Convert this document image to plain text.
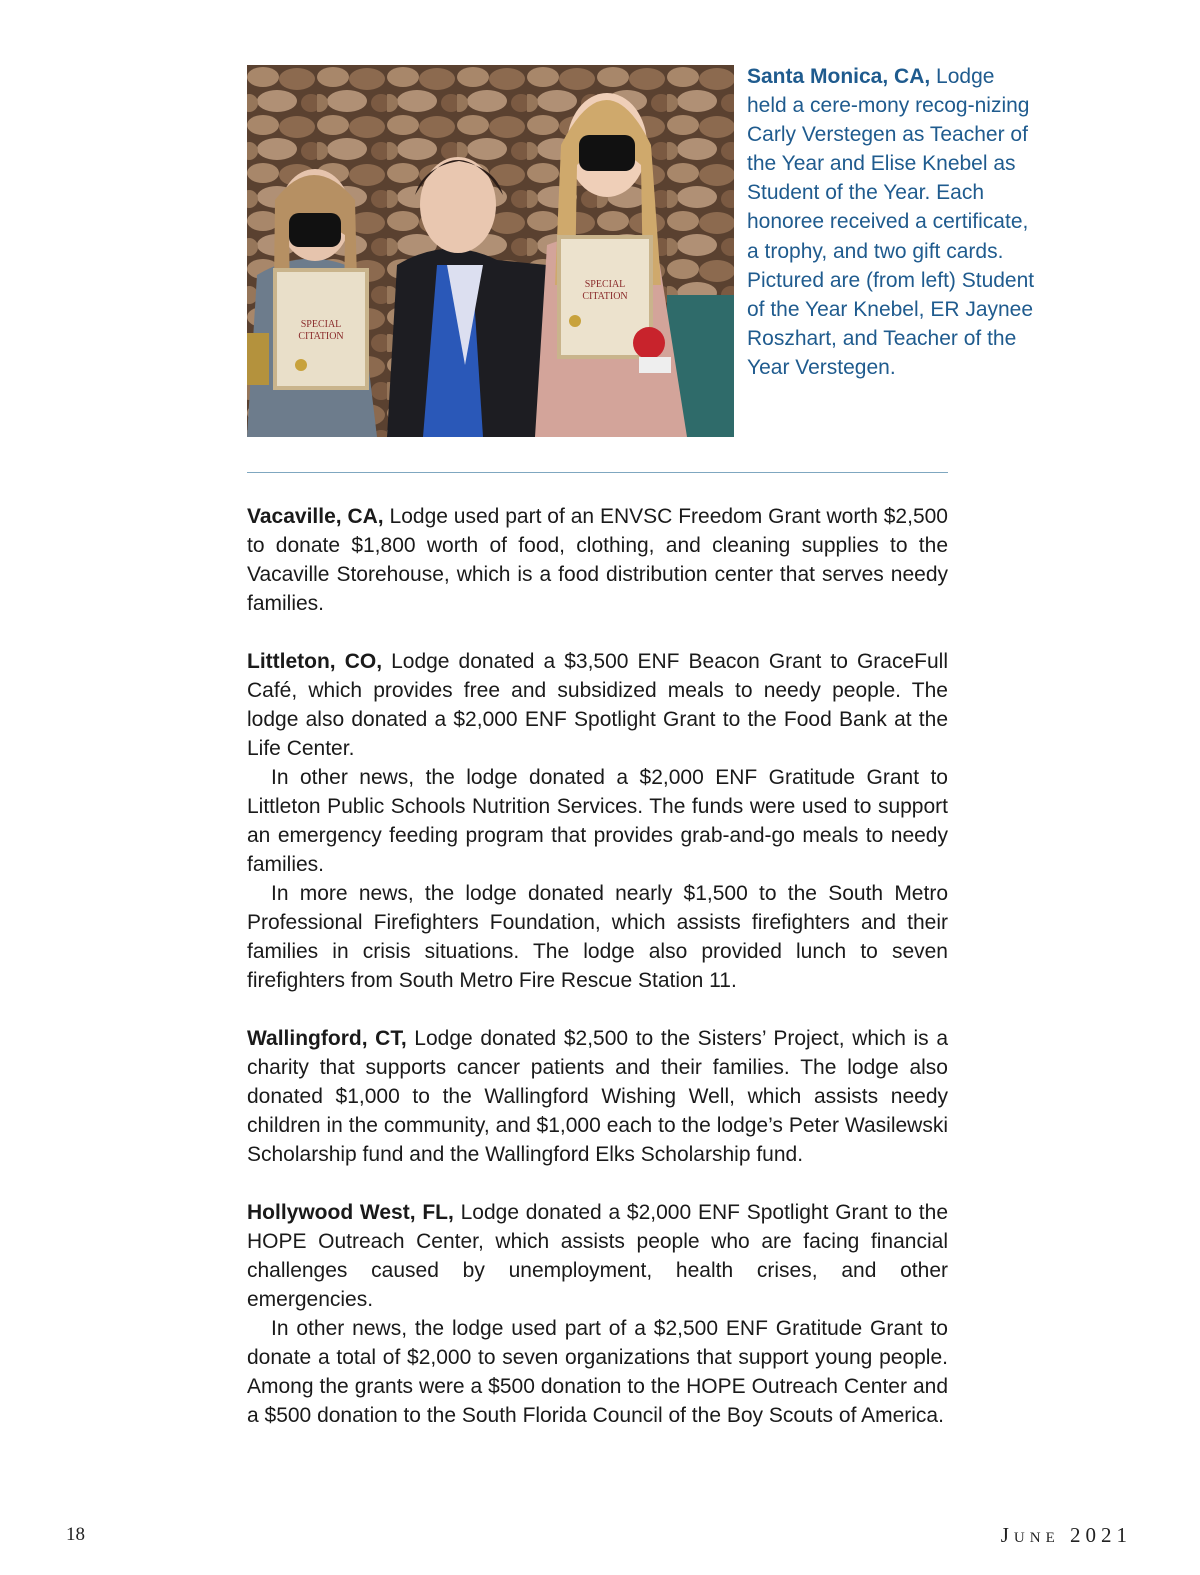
SPECIAL
CITATION
SPECIAL
CITATION
Santa Monica, CA, Lodge held a cere-mony recog-nizing Carly Verstegen as Teacher of the Year and Elise Knebel as Student of the Year. Each honoree received a certificate, a trophy, and two gift cards. Pictured are (from left) Student of the Year Knebel, ER Jaynee Roszhart, and Teacher of the Year Verstegen.

Vacaville, CA, Lodge used part of an ENVSC Freedom Grant worth $2,500 to donate $1,800 worth of food, clothing, and cleaning supplies to the Vacaville Storehouse, which is a food distribution center that serves needy families.

Littleton, CO, Lodge donated a $3,500 ENF Beacon Grant to GraceFull Café, which provides free and subsidized meals to needy people. The lodge also donated a $2,000 ENF Spotlight Grant to the Food Bank at the Life Center.

In other news, the lodge donated a $2,000 ENF Gratitude Grant to Littleton Public Schools Nutrition Services. The funds were used to support an emergency feeding program that provides grab-and-go meals to needy families.

In more news, the lodge donated nearly $1,500 to the South Metro Professional Firefighters Foundation, which assists firefighters and their families in crisis situations. The lodge also provided lunch to seven firefighters from South Metro Fire Rescue Station 11.

Wallingford, CT, Lodge donated $2,500 to the Sisters’ Project, which is a charity that supports cancer patients and their families. The lodge also donated $1,000 to the Wallingford Wishing Well, which assists needy children in the community, and $1,000 each to the lodge’s Peter Wasilewski Scholarship fund and the Wallingford Elks Scholarship fund.

Hollywood West, FL, Lodge donated a $2,000 ENF Spotlight Grant to the HOPE Outreach Center, which assists people who are facing financial challenges caused by unemployment, health crises, and other emergencies.

In other news, the lodge used part of a $2,500 ENF Gratitude Grant to donate a total of $2,000 to seven organizations that support young people. Among the grants were a $500 donation to the HOPE Outreach Center and a $500 donation to the South Florida Council of the Boy Scouts of America.

18	June 2021
